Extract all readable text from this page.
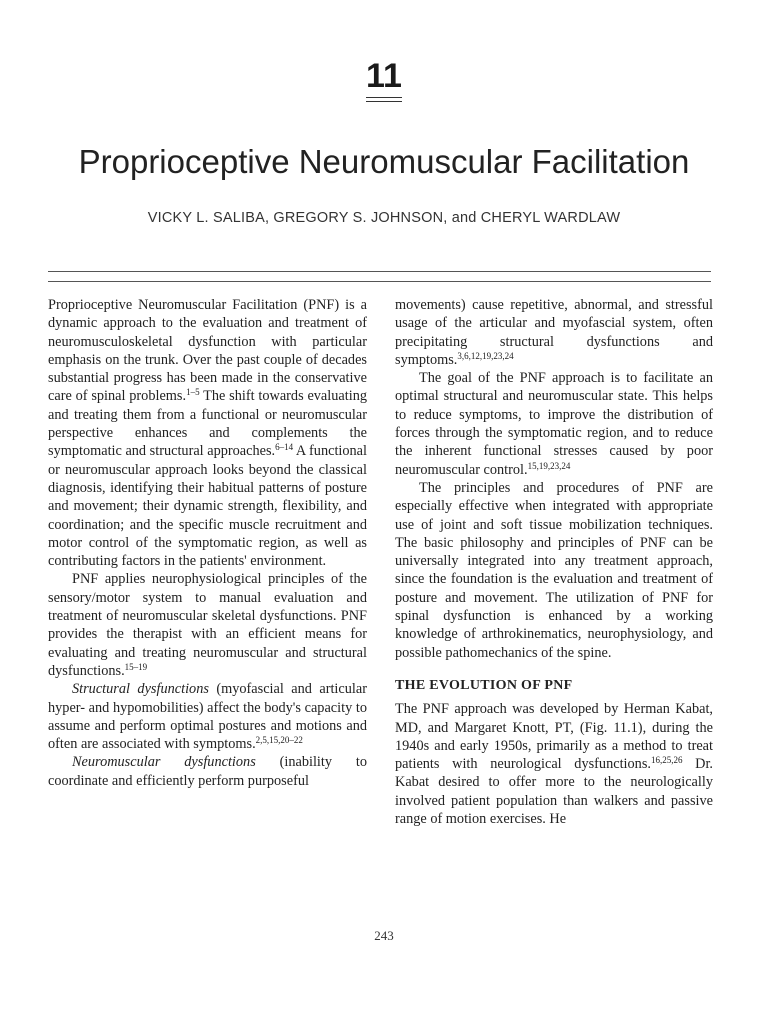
11
Proprioceptive Neuromuscular Facilitation
VICKY L. SALIBA, GREGORY S. JOHNSON, and CHERYL WARDLAW

Proprioceptive Neuromuscular Facilitation (PNF) is a dynamic approach to the evaluation and treatment of neuromusculoskeletal dysfunction with particular emphasis on the trunk. Over the past couple of decades substantial progress has been made in the conservative care of spinal problems.$^{1-5}$ The shift towards evaluating and treating them from a functional or neuromuscular perspective enhances and complements the symptomatic and structural approaches.$^{6-14}$ A functional or neuromuscular approach looks beyond the classical diagnosis, identifying their habitual patterns of posture and movement; their dynamic strength, flexibility, and coordination; and the specific muscle recruitment and motor control of the symptomatic region, as well as contributing factors in the patients' environment.

PNF applies neurophysiological principles of the sensory/motor system to manual evaluation and treatment of neuromuscular skeletal dysfunctions. PNF provides the therapist with an efficient means for evaluating and treating neuromuscular and structural dysfunctions.$^{15-19}$

Structural dysfunctions (myofascial and articular hyper- and hypomobilities) affect the body's capacity to assume and perform optimal postures and motions and often are associated with symptoms.$^{2,5,15,20-22}$

Neuromuscular dysfunctions (inability to coordinate and efficiently perform purposeful

movements) cause repetitive, abnormal, and stressful usage of the articular and myofascial system, often precipitating structural dysfunctions and symptoms.$^{3,6,12,19,23,24}$

The goal of the PNF approach is to facilitate an optimal structural and neuromuscular state. This helps to reduce symptoms, to improve the distribution of forces through the symptomatic region, and to reduce the inherent functional stresses caused by poor neuromuscular control.$^{15,19,23,24}$

The principles and procedures of PNF are especially effective when integrated with appropriate use of joint and soft tissue mobilization techniques. The basic philosophy and principles of PNF can be universally integrated into any treatment approach, since the foundation is the evaluation and treatment of posture and movement. The utilization of PNF for spinal dysfunction is enhanced by a working knowledge of arthrokinematics, neurophysiology, and possible pathomechanics of the spine.

THE EVOLUTION OF PNF

The PNF approach was developed by Herman Kabat, MD, and Margaret Knott, PT, (Fig. 11.1), during the 1940s and early 1950s, primarily as a method to treat patients with neurological dysfunctions.$^{16,25,26}$ Dr. Kabat desired to offer more to the neurologically involved patient population than walkers and passive range of motion exercises. He

243
